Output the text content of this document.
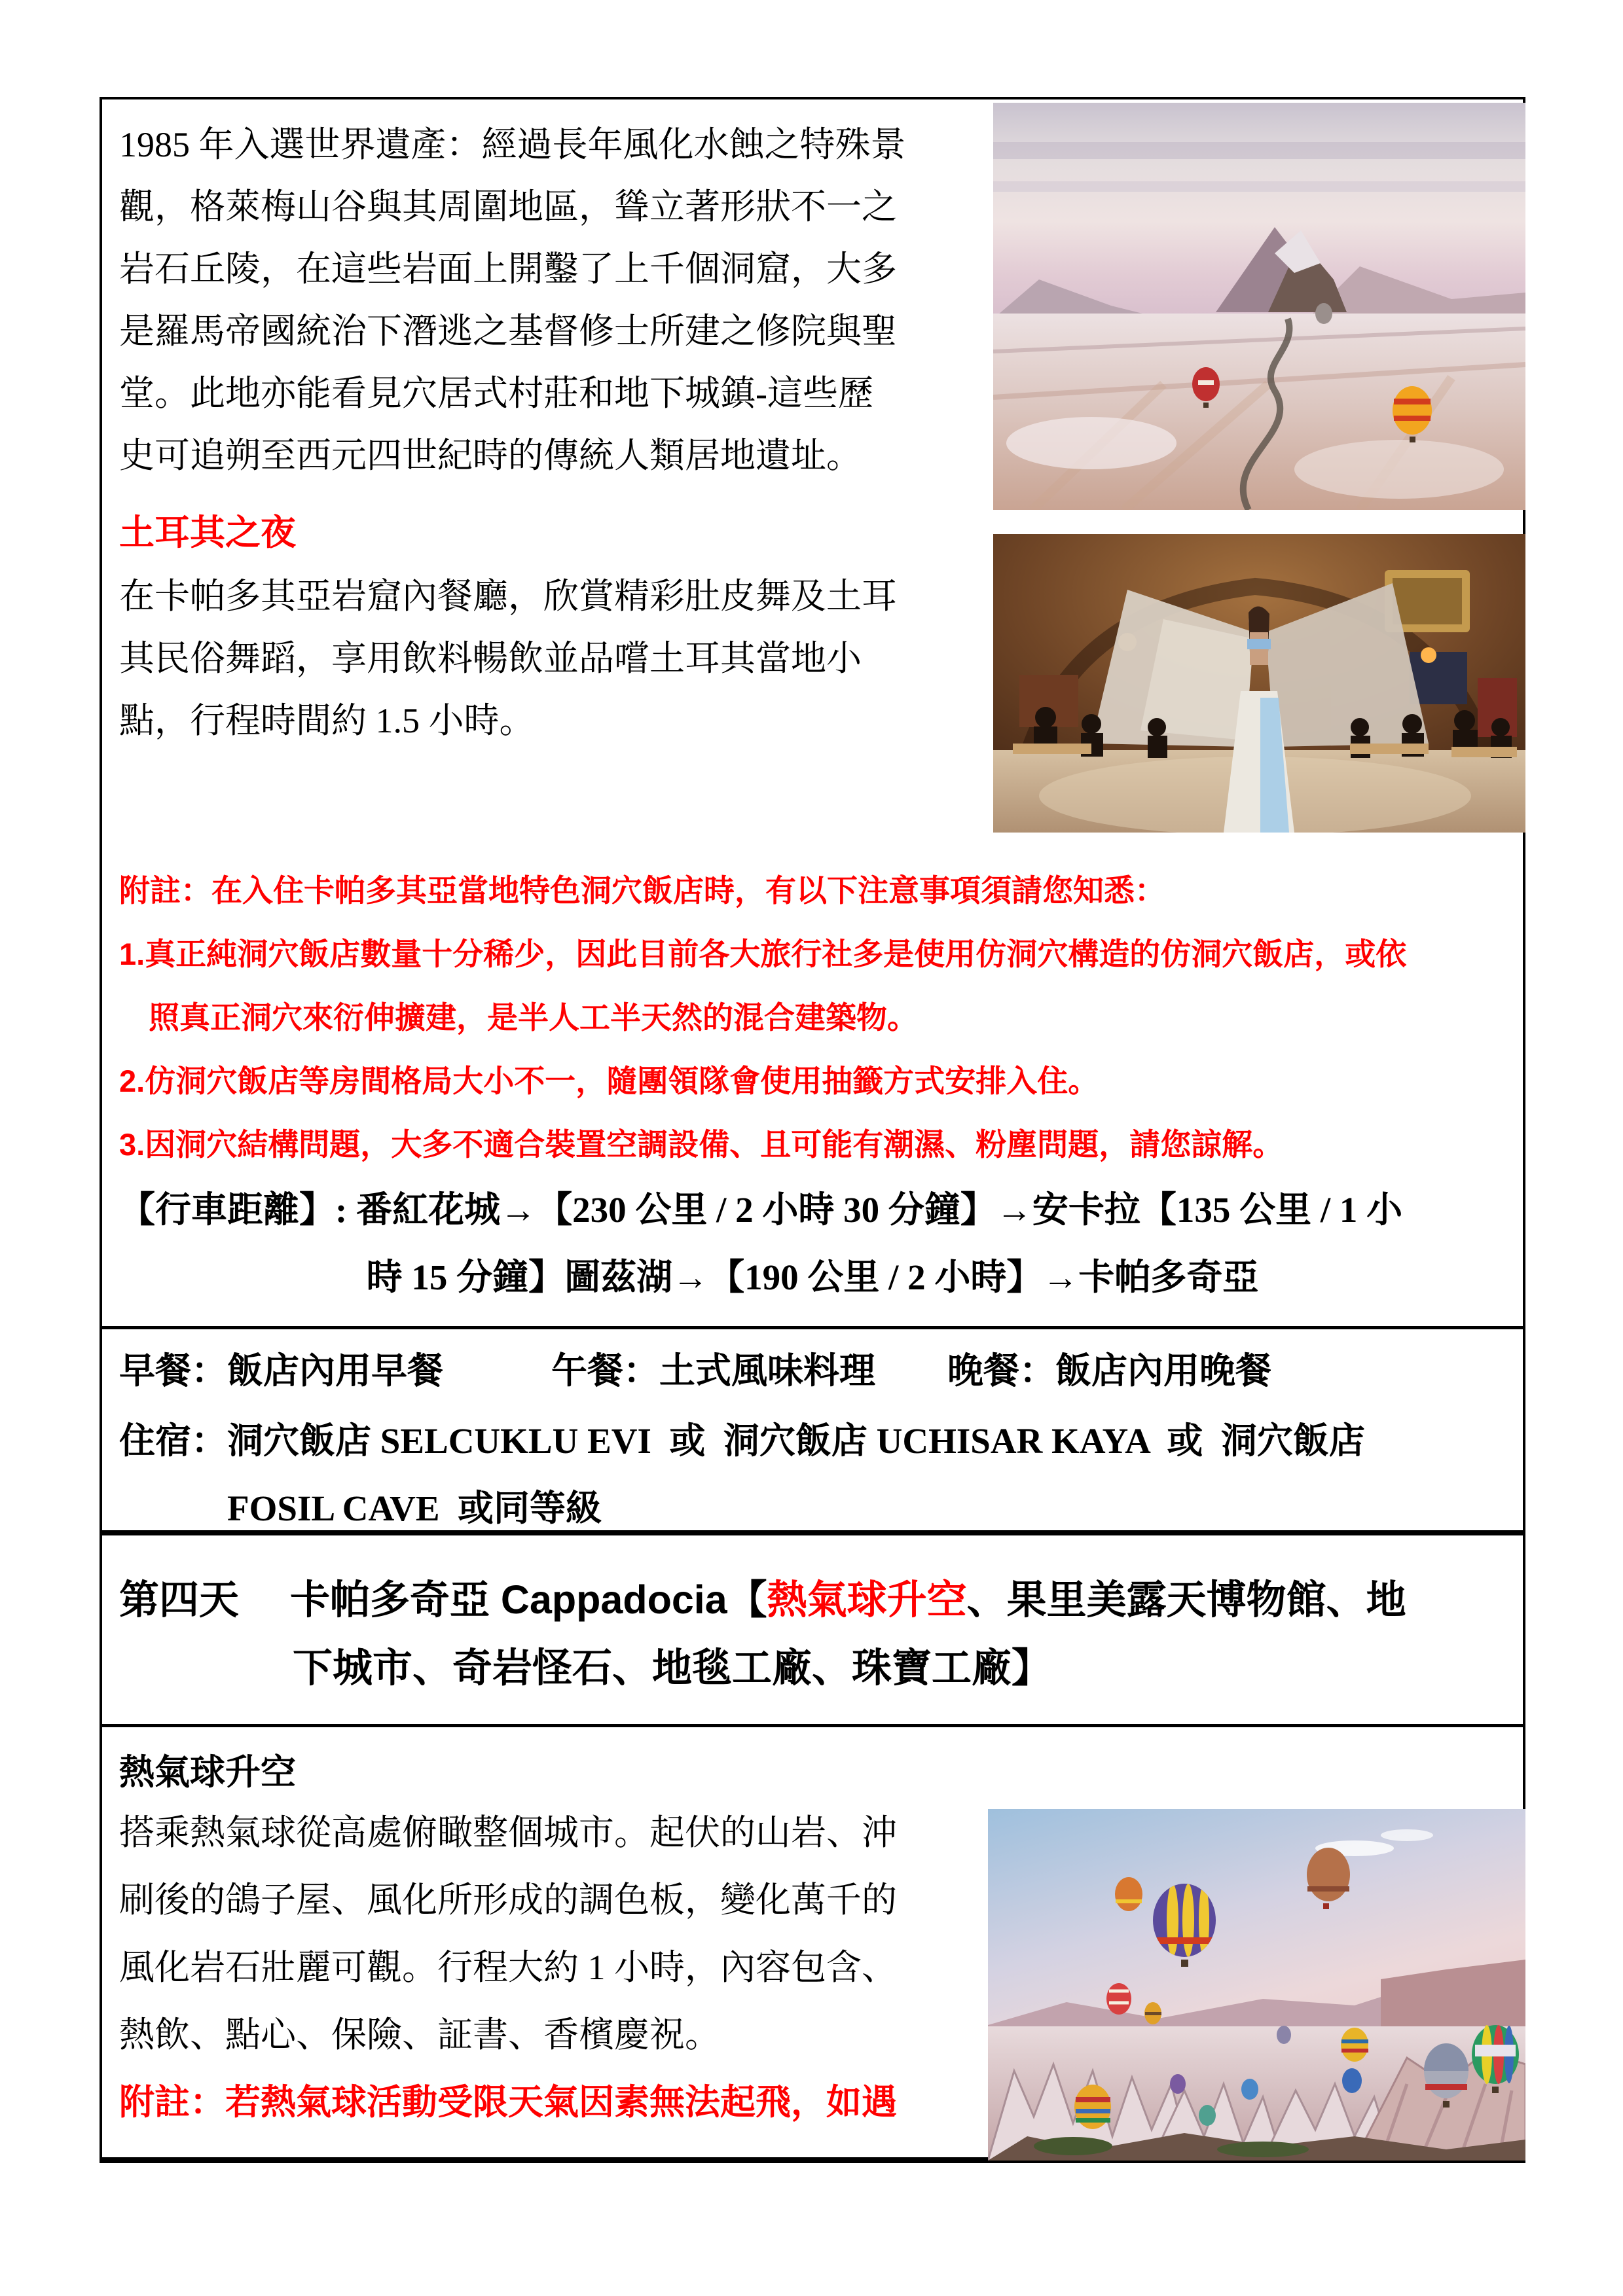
1985 年入選世界遺產：經過長年風化水蝕之特殊景
觀，格萊梅山谷與其周圍地區，聳立著形狀不一之
岩石丘陵，在這些岩面上開鑿了上千個洞窟，大多
是羅馬帝國統治下潛逃之基督修士所建之修院與聖
堂。此地亦能看見穴居式村莊和地下城鎮-這些歷
史可追朔至西元四世紀時的傳統人類居地遺址。
土耳其之夜
在卡帕多其亞岩窟內餐廳，欣賞精彩肚皮舞及土耳
其民俗舞蹈，享用飲料暢飲並品嚐土耳其當地小
點，行程時間約 1.5 小時。
附註：在入住卡帕多其亞當地特色洞穴飯店時，有以下注意事項須請您知悉：
1.真正純洞穴飯店數量十分稀少，因此目前各大旅行社多是使用仿洞穴構造的仿洞穴飯店，或依
照真正洞穴來衍伸擴建，是半人工半天然的混合建築物。
2.仿洞穴飯店等房間格局大小不一，隨團領隊會使用抽籤方式安排入住。
3.因洞穴結構問題，大多不適合裝置空調設備、且可能有潮濕、粉塵問題，請您諒解。
【行車距離】: 番紅花城→【230 公里 / 2 小時 30 分鐘】→安卡拉【135 公里 / 1 小
時 15 分鐘】圖茲湖→【190 公里 / 2 小時】→卡帕多奇亞
早餐：飯店內用早餐　　　午餐：土式風味料理　　晚餐：飯店內用晚餐
住宿：洞穴飯店 SELCUKLU EVI  或  洞穴飯店 UCHISAR KAYA  或  洞穴飯店
FOSIL CAVE  或同等級
第四天　 卡帕多奇亞 Cappadocia【 熱氣球升空 、果里美露天博物館、地
下城市、奇岩怪石、地毯工廠、珠寶工廠】
熱氣球升空
搭乘熱氣球從高處俯瞰整個城市。起伏的山岩、沖
刷後的鴿子屋、風化所形成的調色板，變化萬千的
風化岩石壯麗可觀。行程大約 1 小時，內容包含、
熱飲、點心、保險、証書、香檳慶祝。
附註：若熱氣球活動受限天氣因素無法起飛，如遇
